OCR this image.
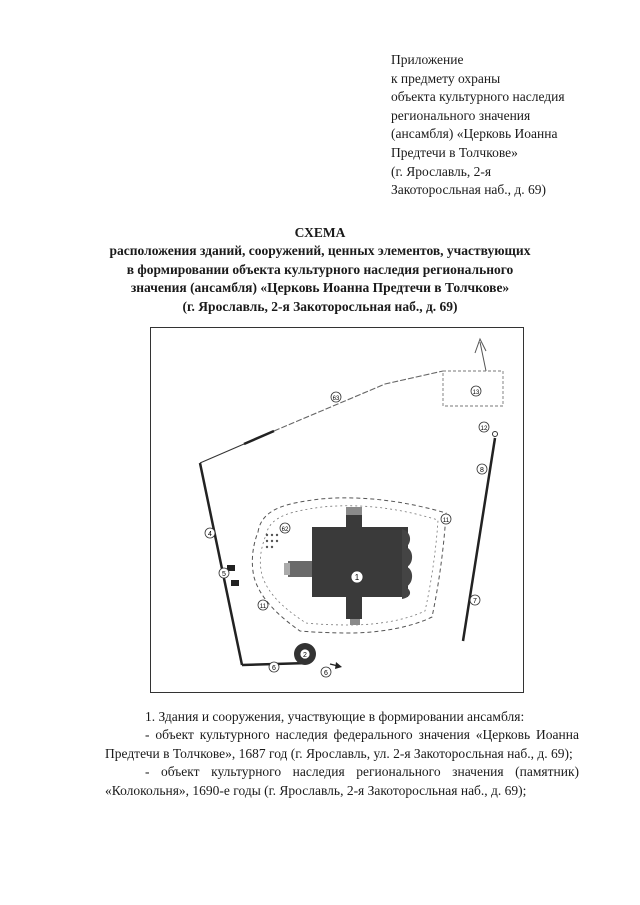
Приложение
к предмету охраны
объекта культурного наследия
регионального значения
(ансамбля) «Церковь Иоанна
Предтечи в Толчкове»
(г. Ярославль, 2-я
Закоторосльная наб., д. 69)
СХЕМА
расположения зданий, сооружений, ценных элементов, участвующих
в формировании объекта культурного наследия регионального
значения (ансамбля) «Церковь Иоанна Предтечи в Толчкове»
(г. Ярославль, 2-я Закоторосльная наб., д. 69)
1
2
4
5
6
6
7
8
11
11
12
13
62
63

1. Здания и сооружения, участвующие в формировании ансамбля:

- объект культурного наследия федерального значения «Церковь Иоанна Предтечи в Толчкове», 1687 год (г. Ярославль, ул. 2-я Закоторосльная наб., д. 69);

- объект культурного наследия регионального значения (памятник) «Колокольня», 1690-е годы (г. Ярославль, 2-я Закоторосльная наб., д. 69);
